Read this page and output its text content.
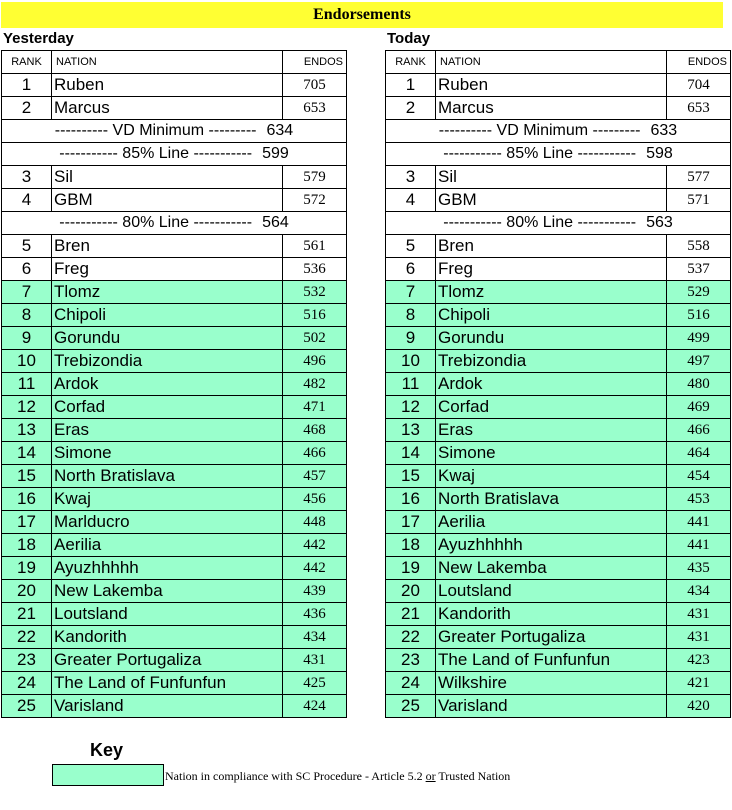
Endorsements
Yesterday	Today
RANK	NATION	ENDOS
1	Ruben	705
2	Marcus	653
---------- VD Minimum --------- 634		
----------- 85% Line ----------- 599		
3	Sil	579
4	GBM	572
----------- 80% Line ----------- 564		
5	Bren	561
6	Freg	536
7	Tlomz	532
8	Chipoli	516
9	Gorundu	502
10	Trebizondia	496
11	Ardok	482
12	Corfad	471
13	Eras	468
14	Simone	466
15	North Bratislava	457
16	Kwaj	456
17	Marlducro	448
18	Aerilia	442
19	Ayuzhhhhh	442
20	New Lakemba	439
21	Loutsland	436
22	Kandorith	434
23	Greater Portugaliza	431
24	The Land of Funfunfun	425
25	Varisland	424
RANK	NATION	ENDOS
1	Ruben	704
2	Marcus	653
---------- VD Minimum --------- 633		
----------- 85% Line ----------- 598		
3	Sil	577
4	GBM	571
----------- 80% Line ----------- 563		
5	Bren	558
6	Freg	537
7	Tlomz	529
8	Chipoli	516
9	Gorundu	499
10	Trebizondia	497
11	Ardok	480
12	Corfad	469
13	Eras	466
14	Simone	464
15	Kwaj	454
16	North Bratislava	453
17	Aerilia	441
18	Ayuzhhhhh	441
19	New Lakemba	435
20	Loutsland	434
21	Kandorith	431
22	Greater Portugaliza	431
23	The Land of Funfunfun	423
24	Wilkshire	421
25	Varisland	420
Key
Nation in compliance with SC Procedure - Article 5.2 or Trusted Nation
